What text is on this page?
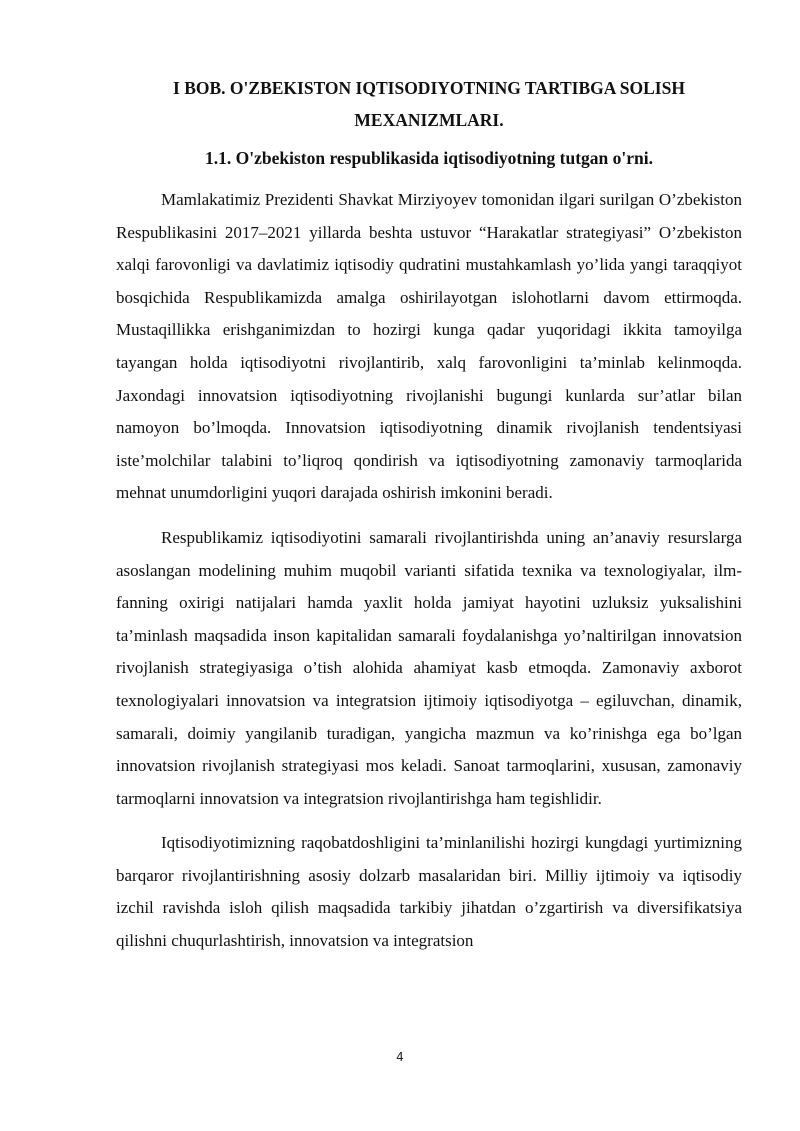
I BOB. O'ZBEKISTON IQTISODIYOTNING TARTIBGA SOLISH MEXANIZMLARI.
1.1. O'zbekiston respublikasida iqtisodiyotning tutgan o'rni.

Mamlakatimiz Prezidenti Shavkat Mirziyoyev tomonidan ilgari surilgan O’zbekiston Respublikasini 2017–2021 yillarda beshta ustuvor “Harakatlar strategiyasi” O’zbekiston xalqi farovonligi va davlatimiz iqtisodiy qudratini mustahkamlash yo’lida yangi taraqqiyot bosqichida Respublikamizda amalga oshirilayotgan islohotlarni davom ettirmoqda. Mustaqillikka erishganimizdan to hozirgi kunga qadar yuqoridagi ikkita tamoyilga tayangan holda iqtisodiyotni rivojlantirib, xalq farovonligini ta’minlab kelinmoqda. Jaxondagi innovatsion iqtisodiyotning rivojlanishi bugungi kunlarda sur’atlar bilan namoyon bo’lmoqda. Innovatsion iqtisodiyotning dinamik rivojlanish tendentsiyasi iste’molchilar talabini to’liqroq qondirish va iqtisodiyotning zamonaviy tarmoqlarida mehnat unumdorligini yuqori darajada oshirish imkonini beradi.

Respublikamiz iqtisodiyotini samarali rivojlantirishda uning an’anaviy resurslarga asoslangan modelining muhim muqobil varianti sifatida texnika va texnologiyalar, ilm-fanning oxirigi natijalari hamda yaxlit holda jamiyat hayotini uzluksiz yuksalishini ta’minlash maqsadida inson kapitalidan samarali foydalanishga yo’naltirilgan innovatsion rivojlanish strategiyasiga o’tish alohida ahamiyat kasb etmoqda. Zamonaviy axborot texnologiyalari innovatsion va integratsion ijtimoiy iqtisodiyotga – egiluvchan, dinamik, samarali, doimiy yangilanib turadigan, yangicha mazmun va ko’rinishga ega bo’lgan innovatsion rivojlanish strategiyasi mos keladi. Sanoat tarmoqlarini, xususan, zamonaviy tarmoqlarni innovatsion va integratsion rivojlantirishga ham tegishlidir.

Iqtisodiyotimizning raqobatdoshligini ta’minlanilishi hozirgi kungdagi yurtimizning barqaror rivojlantirishning asosiy dolzarb masalaridan biri. Milliy ijtimoiy va iqtisodiy izchil ravishda isloh qilish maqsadida tarkibiy jihatdan o’zgartirish va diversifikatsiya qilishni chuqurlashtirish, innovatsion va integratsion

4
